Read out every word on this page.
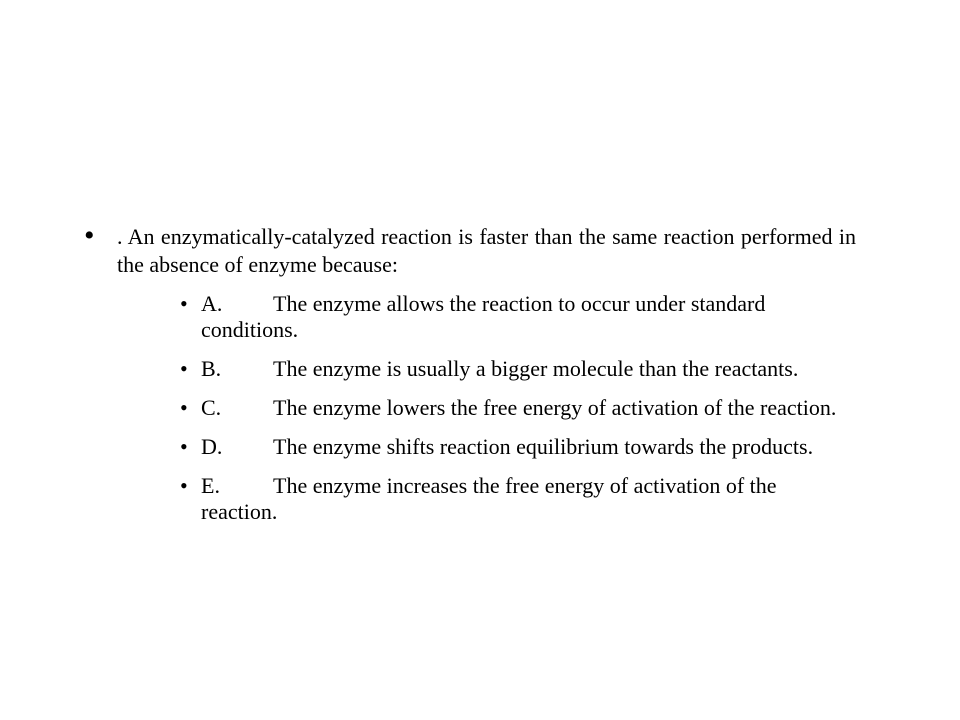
• . An enzymatically-catalyzed reaction is faster than the same reaction performed in the absence of enzyme because:
• A. The enzyme allows the reaction to occur under standard conditions.
• B. The enzyme is usually a bigger molecule than the reactants.
• C. The enzyme lowers the free energy of activation of the reaction.
• D. The enzyme shifts reaction equilibrium towards the products.
• E. The enzyme increases the free energy of activation of the reaction.
